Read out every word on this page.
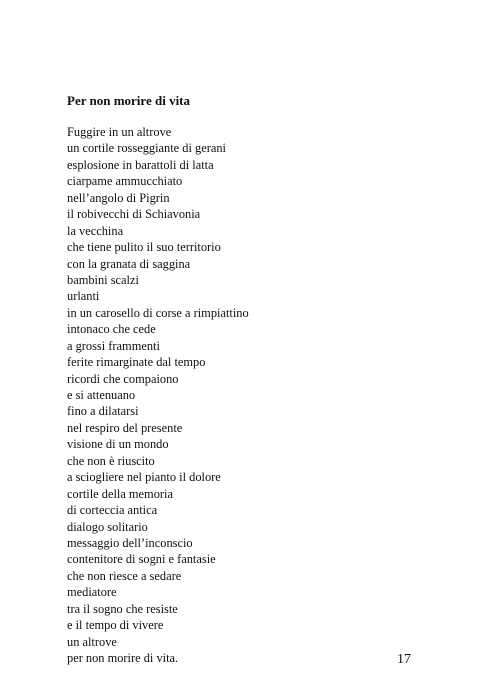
Per non morire di vita
Fuggire in un altrove
un cortile rosseggiante di gerani
esplosione in barattoli di latta
ciarpame ammucchiato
nell’angolo di Pigrin
il robivecchi di Schiavonia
la vecchina
che tiene pulito il suo territorio
con la granata di saggina
bambini scalzi
urlanti
in un carosello di corse a rimpiattino
intonaco che cede
a grossi frammenti
ferite rimarginate dal tempo
ricordi che compaiono
e si attenuano
fino a dilatarsi
nel respiro del presente
visione di un mondo
che non è riuscito
a sciogliere nel pianto il dolore
cortile della memoria
di corteccia antica
dialogo solitario
messaggio dell’inconscio
contenitore di sogni e fantasie
che non riesce a sedare
mediatore
tra il sogno che resiste
e il tempo di vivere
un altrove
per non morire di vita.	17
